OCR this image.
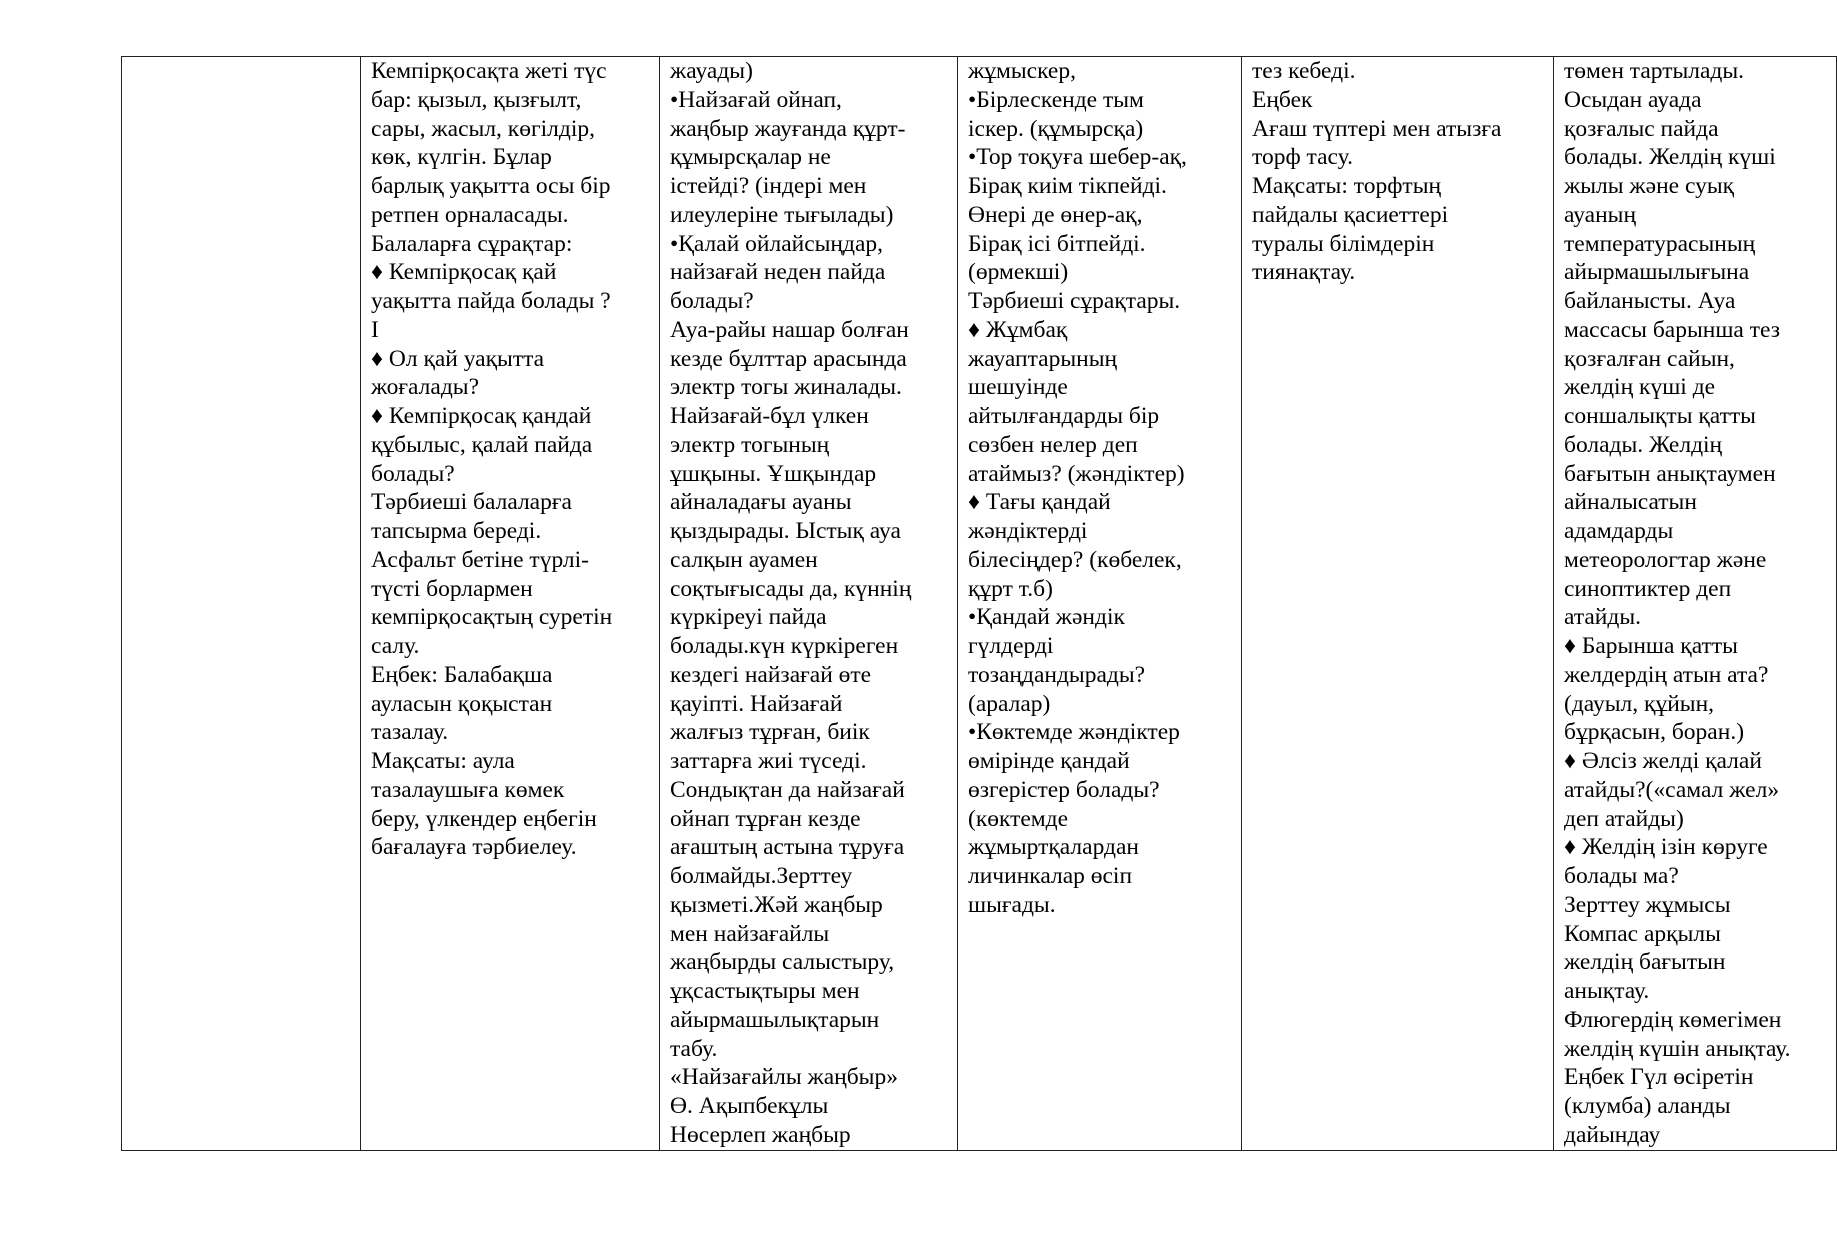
Кемпірқосақта жеті түс
бар: қызыл, қызғылт,
сары, жасыл, көгілдір,
көк, күлгін. Бұлар
барлық уақытта осы бір
ретпен орналасады.
Балаларға сұрақтар:
♦ Кемпірқосақ қай
уақытта пайда болады ?
І
♦ Ол қай уақытта
жоғалады?
♦ Кемпірқосақ қандай
құбылыс, қалай пайда
болады?
Тәрбиеші балаларға
тапсырма береді.
Асфальт бетіне түрлі-
түсті борлармен
кемпірқосақтың суретін
салу.
Еңбек: Балабақша
ауласын қоқыстан
тазалау.
Мақсаты: аула
тазалаушыға көмек
беру, үлкендер еңбегін
бағалауға тәрбиелеу.

жауады)
•Найзағай ойнап,
жаңбыр жауғанда құрт-
құмырсқалар не
істейді? (індері мен
илеулеріне тығылады)
•Қалай ойлайсыңдар,
найзағай неден пайда
болады?
Ауа-райы нашар болған
кезде бұлттар арасында
электр тогы жиналады.
Найзағай-бұл үлкен
электр тогының
ұшқыны. Ұшқындар
айналадағы ауаны
қыздырады. Ыстық ауа
салқын ауамен
соқтығысады да, күннің
күркіреуі пайда
болады.күн күркіреген
кездегі найзағай өте
қауіпті. Найзағай
жалғыз тұрған, биік
заттарға жиі түседі.
Сондықтан да найзағай
ойнап тұрған кезде
ағаштың астына тұруға
болмайды.Зерттеу
қызметі.Жәй жаңбыр
мен найзағайлы
жаңбырды салыстыру,
ұқсастықтыры мен
айырмашылықтарын
табу.
«Найзағайлы жаңбыр»
Ө. Ақыпбекұлы
Нөсерлеп жаңбыр

жұмыскер,
•Бірлескенде тым
іскер. (құмырсқа)
•Тор тоқуға шебер-ақ,
Бірақ киім тікпейді.
Өнері де өнер-ақ,
Бірақ ісі бітпейді.
(өрмекші)
Тәрбиеші сұрақтары.
♦ Жұмбақ
жауаптарының
шешуінде
айтылғандарды бір
сөзбен нелер деп
атаймыз? (жәндіктер)
♦ Тағы қандай
жәндіктерді
білесіңдер? (көбелек,
құрт т.б)
•Қандай жәндік
гүлдерді
тозаңдандырады?
(аралар)
•Көктемде жәндіктер
өмірінде қандай
өзгерістер болады?
(көктемде
жұмыртқалардан
личинкалар өсіп
шығады.

тез кебеді.
Еңбек
Ағаш түптері мен атызға
торф тасу.
Мақсаты: торфтың
пайдалы қасиеттері
туралы білімдерін
тиянақтау.

төмен тартылады.
Осыдан ауада
қозғалыс пайда
болады. Желдің күші
жылы және суық
ауаның
температурасының
айырмашылығына
байланысты. Ауа
массасы барынша тез
қозғалған сайын,
желдің күші де
соншалықты қатты
болады. Желдің
бағытын анықтаумен
айналысатын
адамдарды
метеорологтар және
синоптиктер деп
атайды.
♦ Барынша қатты
желдердің атын ата?
(дауыл, құйын,
бұрқасын, боран.)
♦ Әлсіз желді қалай
атайды?(«самал жел»
деп атайды)
♦ Желдің ізін көруге
болады ма?
Зерттеу жұмысы
Компас арқылы
желдің бағытын
анықтау.
Флюгердің көмегімен
желдің күшін анықтау.
Еңбек Гүл өсіретін
(клумба) аланды
дайындау
